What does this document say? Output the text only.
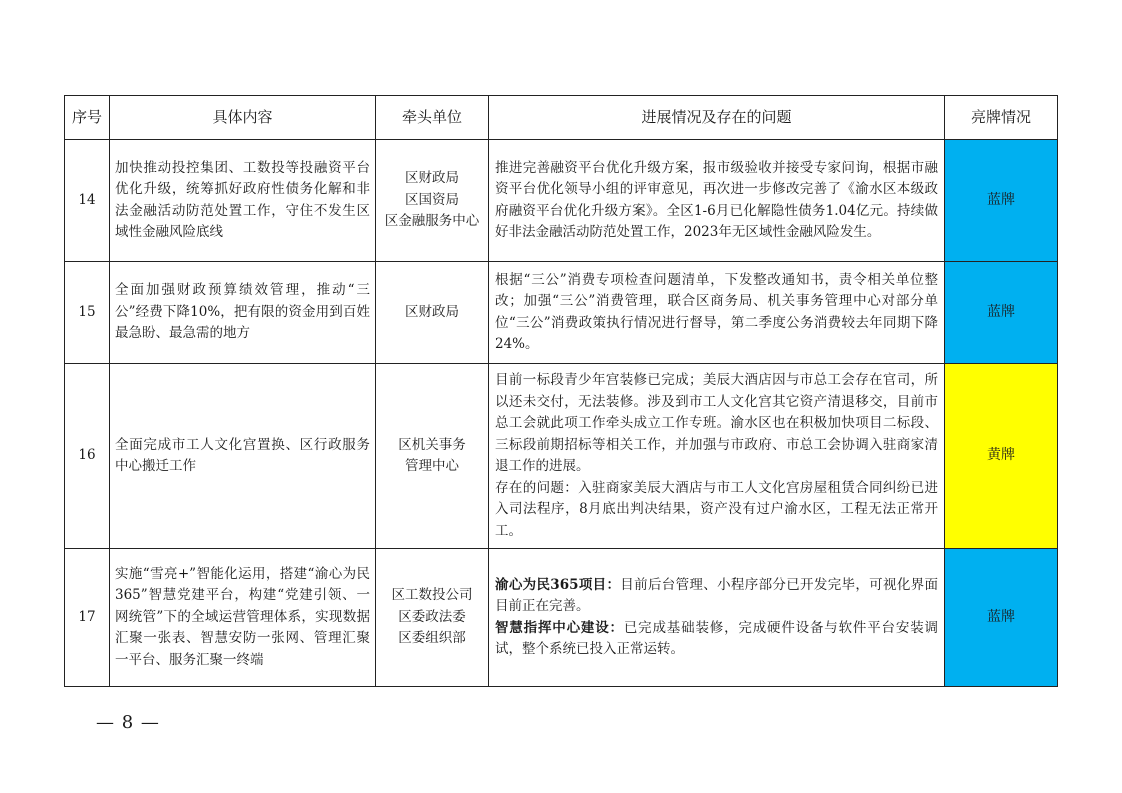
序号	具体内容	牵头单位	进展情况及存在的问题	亮牌情况
14	加快推动投控集团、工数投等投融资平台优化升级，统筹抓好政府性债务化解和非法金融活动防范处置工作，守住不发生区域性金融风险底线	区财政局
区国资局
区金融服务中心	推进完善融资平台优化升级方案，报市级验收并接受专家问询，根据市融资平台优化领导小组的评审意见，再次进一步修改完善了《渝水区本级政府融资平台优化升级方案》。全区1-6月已化解隐性债务1.04亿元。持续做好非法金融活动防范处置工作，2023年无区域性金融风险发生。	蓝牌
15	全面加强财政预算绩效管理，推动“三公”经费下降10%，把有限的资金用到百姓最急盼、最急需的地方	区财政局	根据“三公”消费专项检查问题清单，下发整改通知书，责令相关单位整改；加强“三公”消费管理，联合区商务局、机关事务管理中心对部分单位“三公”消费政策执行情况进行督导，第二季度公务消费较去年同期下降24%。	蓝牌
16	全面完成市工人文化宫置换、区行政服务中心搬迁工作	区机关事务
管理中心	目前一标段青少年宫装修已完成；美辰大酒店因与市总工会存在官司，所以还未交付，无法装修。涉及到市工人文化宫其它资产清退移交，目前市总工会就此项工作牵头成立工作专班。渝水区也在积极加快项目二标段、三标段前期招标等相关工作，并加强与市政府、市总工会协调入驻商家清退工作的进展。
存在的问题：入驻商家美辰大酒店与市工人文化宫房屋租赁合同纠纷已进入司法程序，8月底出判决结果，资产没有过户渝水区，工程无法正常开工。	黄牌
17	实施“雪亮+”智能化运用，搭建“渝心为民365”智慧党建平台，构建“党建引领、一网统管”下的全域运营管理体系，实现数据汇聚一张表、智慧安防一张网、管理汇聚一平台、服务汇聚一终端	区工数投公司
区委政法委
区委组织部	渝心为民365项目：目前后台管理、小程序部分已开发完毕，可视化界面目前正在完善。
智慧指挥中心建设：已完成基础装修，完成硬件设备与软件平台安装调试，整个系统已投入正常运转。	蓝牌
— 8 —
